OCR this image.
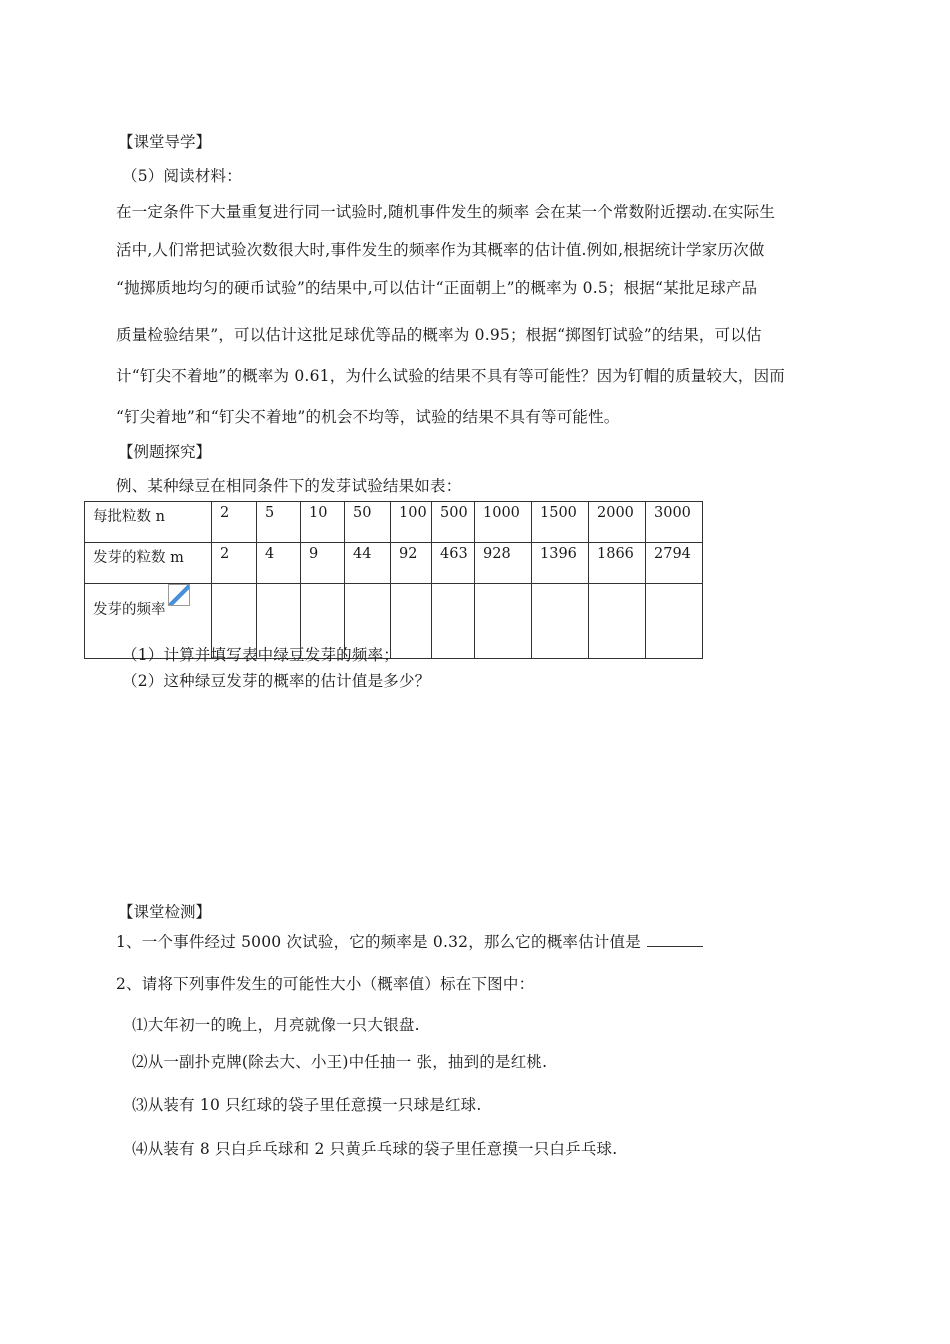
【课堂导学】
（5）阅读材料：
在一定条件下大量重复进行同一试验时,随机事件发生的频率 会在某一个常数附近摆动.在实际生
活中,人们常把试验次数很大时,事件发生的频率作为其概率的估计值.例如,根据统计学家历次做
“抛掷质地均匀的硬币试验”的结果中,可以估计“正面朝上”的概率为 0.5；根据“某批足球产品
质量检验结果”，可以估计这批足球优等品的概率为 0.95；根据“掷图钉试验”的结果，可以估
计“钉尖不着地”的概率为 0.61，为什么试验的结果不具有等可能性？因为钉帽的质量较大，因而
“钉尖着地”和“钉尖不着地”的机会不均等，试验的结果不具有等可能性。
【例题探究】
例、某种绿豆在相同条件下的发芽试验结果如表：
每批粒数 n	2	5	10	50	100	500	1000	1500	2000	3000
发芽的粒数 m	2	4	9	44	92	463	928	1396	1866	2794
发芽的频率										
（1）计算并填写表中绿豆发芽的频率；
（2）这种绿豆发芽的概率的估计值是多少？
【课堂检测】
1、一个事件经过 5000 次试验，它的频率是 0.32，那么它的概率估计值是
2、请将下列事件发生的可能性大小（概率值）标在下图中：
⑴大年初一的晚上，月亮就像一只大银盘.
⑵从一副扑克牌(除去大、小王)中任抽一 张，抽到的是红桃.
⑶从装有 10 只红球的袋子里任意摸一只球是红球.
⑷从装有 8 只白乒乓球和 2 只黄乒乓球的袋子里任意摸一只白乒乓球.
